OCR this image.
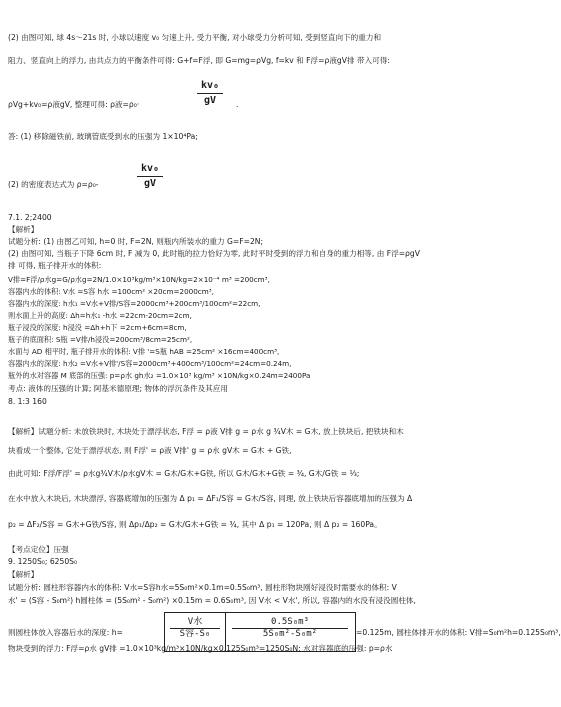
(2) 由图可知, 球 4s～21s 时, 小球以速度 v₀ 匀速上升, 受力平衡, 对小球受力分析可知, 受到竖直向下的重力和
阻力、竖直向上的浮力, 由共点力的平衡条件可得: G+f=F浮, 即 G=mg=ρVg, f=kv 和 F浮=ρ液gV排 带入可得:
kv₀
gV
ρVg+kv₀=ρ液gV, 整理可得: ρ液=ρ₀·	.
答: (1) 移除磁铁前, 玻璃管底受到水的压强为 1×10⁴Pa;
kv₀
gV
(2) 的密度表达式为 ρ=ρ₀-
7.1. 2;2400
【解析】
试题分析: (1) 由图乙可知, h=0 时, F=2N, 则瓶内所装水的重力 G=F=2N;
(2) 由图可知, 当瓶子下降 6cm 时, F 减为 0, 此时瓶的拉力恰好为零, 此时平时受到的浮力和自身的重力相等, 由 F浮=ρgV
排 可得, 瓶子排开水的体积:
V排=F浮/ρ水g=G/ρ水g=2N/1.0×10³kg/m³×10N/kg=2×10⁻⁴ m³ =200cm³,
容器内水的体积: V水 =S容 h水 =100cm² ×20cm=2000cm³,
容器内水的深度: h水₁ =V水+V排/S容=2000cm³+200cm³/100cm²=22cm,
则水面上升的高度: Δh=h水₁ -h水 =22cm-20cm=2cm,
瓶子浸没的深度: h浸没 =Δh+h下 =2cm+6cm=8cm,
瓶子的底面积: S瓶 =V排/h浸没=200cm³/8cm=25cm²,
水面与 AD 相平时, 瓶子排开水的体积: V排 '=S瓶 hAB =25cm² ×16cm=400cm³,
容器内水的深度: h水₂ =V水+V排'/S容=2000cm³+400cm³/100cm²=24cm=0.24m,
瓶外的水对容器 M 底部的压强: p=ρ水 gh水₂ =1.0×10³ kg/m³ ×10N/kg×0.24m=2400Pa
考点: 液体的压强的计算; 阿基米德原理; 物体的浮沉条件及其应用
8. 1:3 160
【解析】试题分析: 未放铁块时, 木块处于漂浮状态, F浮 = ρ液 V排 g = ρ水 g ¾V木 = G木, 放上铁块后, 把铁块和木
块看成一个整体, 它处于漂浮状态, 则 F浮' = ρ液 V排' g = ρ水 gV木 = G木 + G铁,
由此可知: F浮/F浮' = ρ水g¾V木/ρ水gV木 = G木/G木+G铁, 所以 G木/G木+G铁 = ¾, G木/G铁 = ⅓;
在水中放入木块后, 木块漂浮, 容器底增加的压强为 Δ p₁ = ΔF₁/S容 = G木/S容, 同理, 放上铁块后容器底增加的压强为 Δ
p₂ = ΔF₂/S容 = G木+G铁/S容, 则 Δp₁/Δp₂ = G木/G木+G铁 = ¾, 其中 Δ p₁ = 120Pa, 则 Δ p₂ = 160Pa。
【考点定位】压强
9. 1250S₀; 6250S₀
【解析】
试题分析: 圆柱形容器内水的体积: V水=S容h水=5S₀m²×0.1m=0.5S₀m³, 圆柱形物块刚好浸没时需要水的体积: V
水' = (S容 - S₀m²) h圆柱体 = (5S₀m² - S₀m²) ×0.15m = 0.6S₀m³, 因 V水 < V水', 所以, 容器内的水没有浸没圆柱体,
V水
S容-S₀
0.5S₀m³
5S₀m²-S₀m²
则圆柱体放入容器后水的深度: h=	=0.125m, 圆柱体排开水的体积: V排=S₀m²h=0.125S₀m³,
物块受到的浮力: F浮=ρ水 gV排 =1.0×10³kg/m³×10N/kg×0.125S₀m³=1250S₀N; 水对容器底的压强: p=ρ水
